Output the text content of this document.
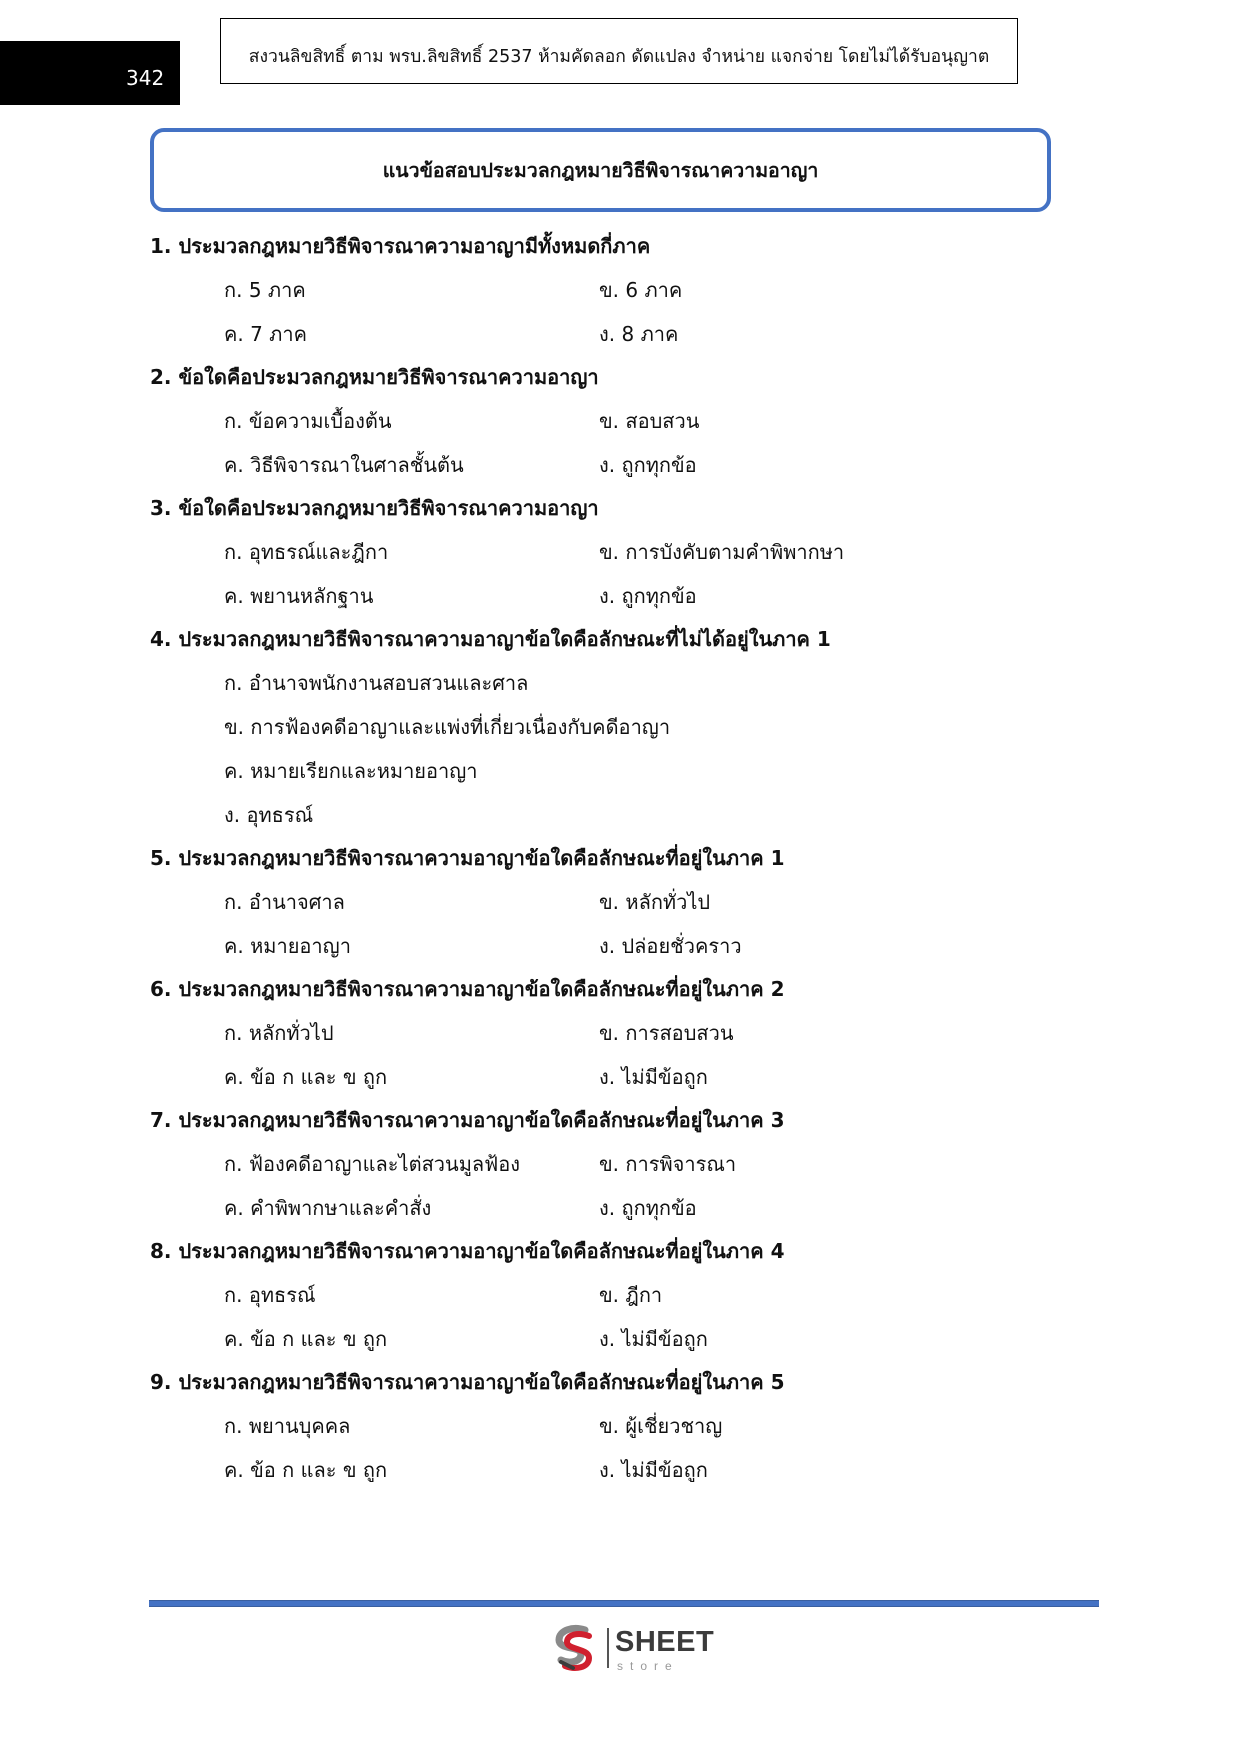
342
สงวนลิขสิทธิ์ ตาม พรบ.ลิขสิทธิ์ 2537 ห้ามคัดลอก ดัดแปลง จำหน่าย แจกจ่าย โดยไม่ได้รับอนุญาต
แนวข้อสอบประมวลกฎหมายวิธีพิจารณาความอาญา
1. ประมวลกฎหมายวิธีพิจารณาความอาญามีทั้งหมดกี่ภาค
ก. 5 ภาค	ข. 6 ภาค
ค. 7 ภาค	ง. 8 ภาค
2. ข้อใดคือประมวลกฎหมายวิธีพิจารณาความอาญา
ก. ข้อความเบื้องต้น	ข. สอบสวน
ค. วิธีพิจารณาในศาลชั้นต้น	ง. ถูกทุกข้อ
3. ข้อใดคือประมวลกฎหมายวิธีพิจารณาความอาญา
ก. อุทธรณ์และฎีกา	ข. การบังคับตามคำพิพากษา
ค. พยานหลักฐาน	ง. ถูกทุกข้อ
4. ประมวลกฎหมายวิธีพิจารณาความอาญาข้อใดคือลักษณะที่ไม่ได้อยู่ในภาค 1
ก. อำนาจพนักงานสอบสวนและศาล
ข. การฟ้องคดีอาญาและแพ่งที่เกี่ยวเนื่องกับคดีอาญา
ค. หมายเรียกและหมายอาญา
ง. อุทธรณ์
5. ประมวลกฎหมายวิธีพิจารณาความอาญาข้อใดคือลักษณะที่อยู่ในภาค 1
ก. อำนาจศาล	ข. หลักทั่วไป
ค. หมายอาญา	ง. ปล่อยชั่วคราว
6. ประมวลกฎหมายวิธีพิจารณาความอาญาข้อใดคือลักษณะที่อยู่ในภาค 2
ก. หลักทั่วไป	ข. การสอบสวน
ค. ข้อ ก และ ข ถูก	ง. ไม่มีข้อถูก
7. ประมวลกฎหมายวิธีพิจารณาความอาญาข้อใดคือลักษณะที่อยู่ในภาค 3
ก. ฟ้องคดีอาญาและไต่สวนมูลฟ้อง	ข. การพิจารณา
ค. คำพิพากษาและคำสั่ง	ง. ถูกทุกข้อ
8. ประมวลกฎหมายวิธีพิจารณาความอาญาข้อใดคือลักษณะที่อยู่ในภาค 4
ก. อุทธรณ์	ข. ฎีกา
ค. ข้อ ก และ ข ถูก	ง. ไม่มีข้อถูก
9. ประมวลกฎหมายวิธีพิจารณาความอาญาข้อใดคือลักษณะที่อยู่ในภาค 5
ก. พยานบุคคล	ข. ผู้เชี่ยวชาญ
ค. ข้อ ก และ ข ถูก	ง. ไม่มีข้อถูก
SHEET
store
